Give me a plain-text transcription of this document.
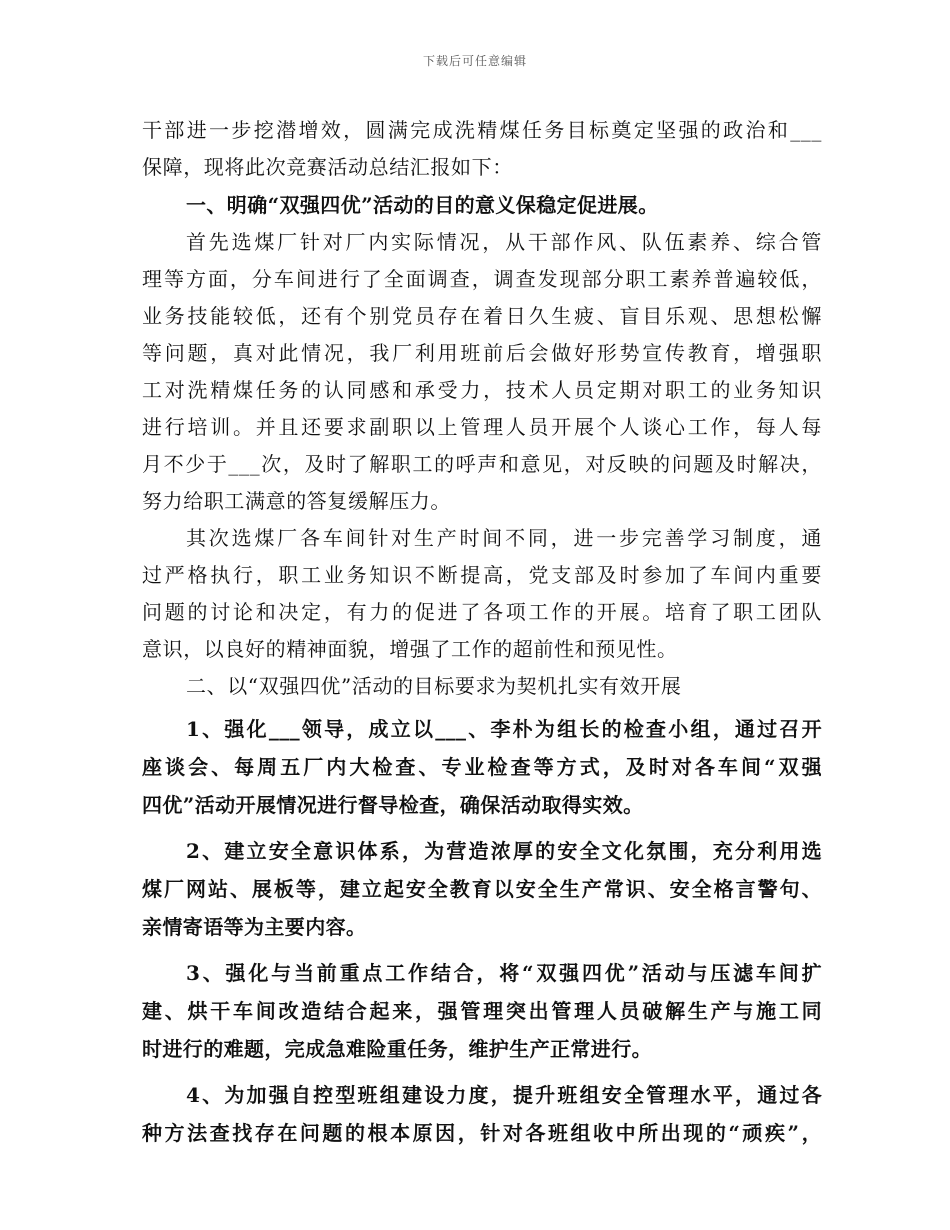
下载后可任意编辑
干部进一步挖潜增效，圆满完成洗精煤任务目标奠定坚强的政治和___
保障，现将此次竞赛活动总结汇报如下：
一、明确“双强四优”活动的目的意义保稳定促进展。
首先选煤厂针对厂内实际情况，从干部作风、队伍素养、综合管
理等方面，分车间进行了全面调查，调查发现部分职工素养普遍较低，
业务技能较低，还有个别党员存在着日久生疲、盲目乐观、思想松懈
等问题，真对此情况，我厂利用班前后会做好形势宣传教育，增强职
工对洗精煤任务的认同感和承受力，技术人员定期对职工的业务知识
进行培训。并且还要求副职以上管理人员开展个人谈心工作，每人每
月不少于___次，及时了解职工的呼声和意见，对反映的问题及时解决，
努力给职工满意的答复缓解压力。
其次选煤厂各车间针对生产时间不同，进一步完善学习制度，通
过严格执行，职工业务知识不断提高，党支部及时参加了车间内重要
问题的讨论和决定，有力的促进了各项工作的开展。培育了职工团队
意识，以良好的精神面貌，增强了工作的超前性和预见性。
二、以“双强四优”活动的目标要求为契机扎实有效开展
1、强化___领导，成立以___、李朴为组长的检查小组，通过召开
座谈会、每周五厂内大检查、专业检查等方式，及时对各车间“双强
四优”活动开展情况进行督导检查，确保活动取得实效。
2、建立安全意识体系，为营造浓厚的安全文化氛围，充分利用选
煤厂网站、展板等，建立起安全教育以安全生产常识、安全格言警句、
亲情寄语等为主要内容。
3、强化与当前重点工作结合，将“双强四优”活动与压滤车间扩
建、烘干车间改造结合起来，强管理突出管理人员破解生产与施工同
时进行的难题，完成急难险重任务，维护生产正常进行。
4、为加强自控型班组建设力度，提升班组安全管理水平，通过各
种方法查找存在问题的根本原因，针对各班组收中所出现的“顽疾”，
